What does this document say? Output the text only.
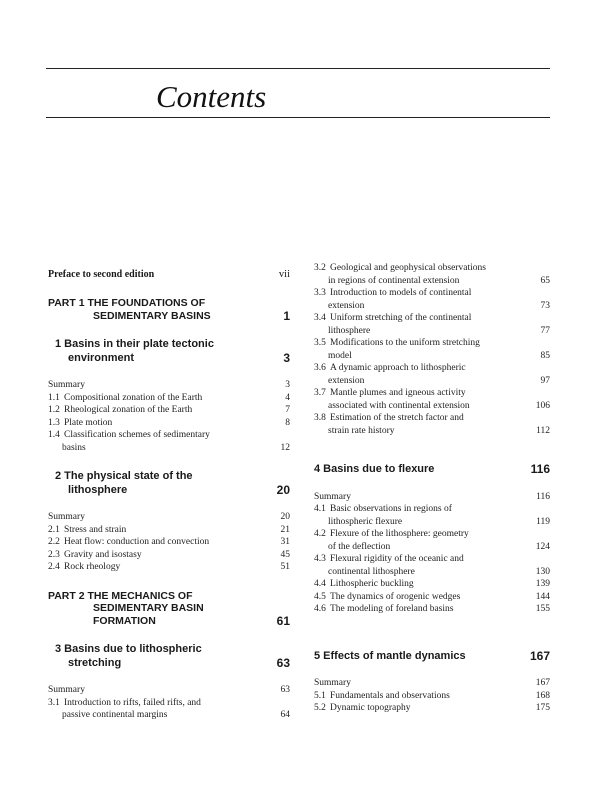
Contents
Preface to second edition	vii
PART 1 THE FOUNDATIONS OF
SEDIMENTARY BASINS	1
1 Basins in their plate tectonic
environment	3
Summary	3
1.1 Compositional zonation of the Earth	4
1.2 Rheological zonation of the Earth	7
1.3 Plate motion	8
1.4 Classification schemes of sedimentary
basins	12
2 The physical state of the
lithosphere	20
Summary	20
2.1 Stress and strain	21
2.2 Heat flow: conduction and convection	31
2.3 Gravity and isostasy	45
2.4 Rock rheology	51
PART 2 THE MECHANICS OF
SEDIMENTARY BASIN
FORMATION	61
3 Basins due to lithospheric
stretching	63
Summary	63
3.1 Introduction to rifts, failed rifts, and
passive continental margins	64
3.2 Geological and geophysical observations
in regions of continental extension	65
3.3 Introduction to models of continental
extension	73
3.4 Uniform stretching of the continental
lithosphere	77
3.5 Modifications to the uniform stretching
model	85
3.6 A dynamic approach to lithospheric
extension	97
3.7 Mantle plumes and igneous activity
associated with continental extension	106
3.8 Estimation of the stretch factor and
strain rate history	112
4 Basins due to flexure	116
Summary	116
4.1 Basic observations in regions of
lithospheric flexure	119
4.2 Flexure of the lithosphere: geometry
of the deflection	124
4.3 Flexural rigidity of the oceanic and
continental lithosphere	130
4.4 Lithospheric buckling	139
4.5 The dynamics of orogenic wedges	144
4.6 The modeling of foreland basins	155
5 Effects of mantle dynamics	167
Summary	167
5.1 Fundamentals and observations	168
5.2 Dynamic topography	175
